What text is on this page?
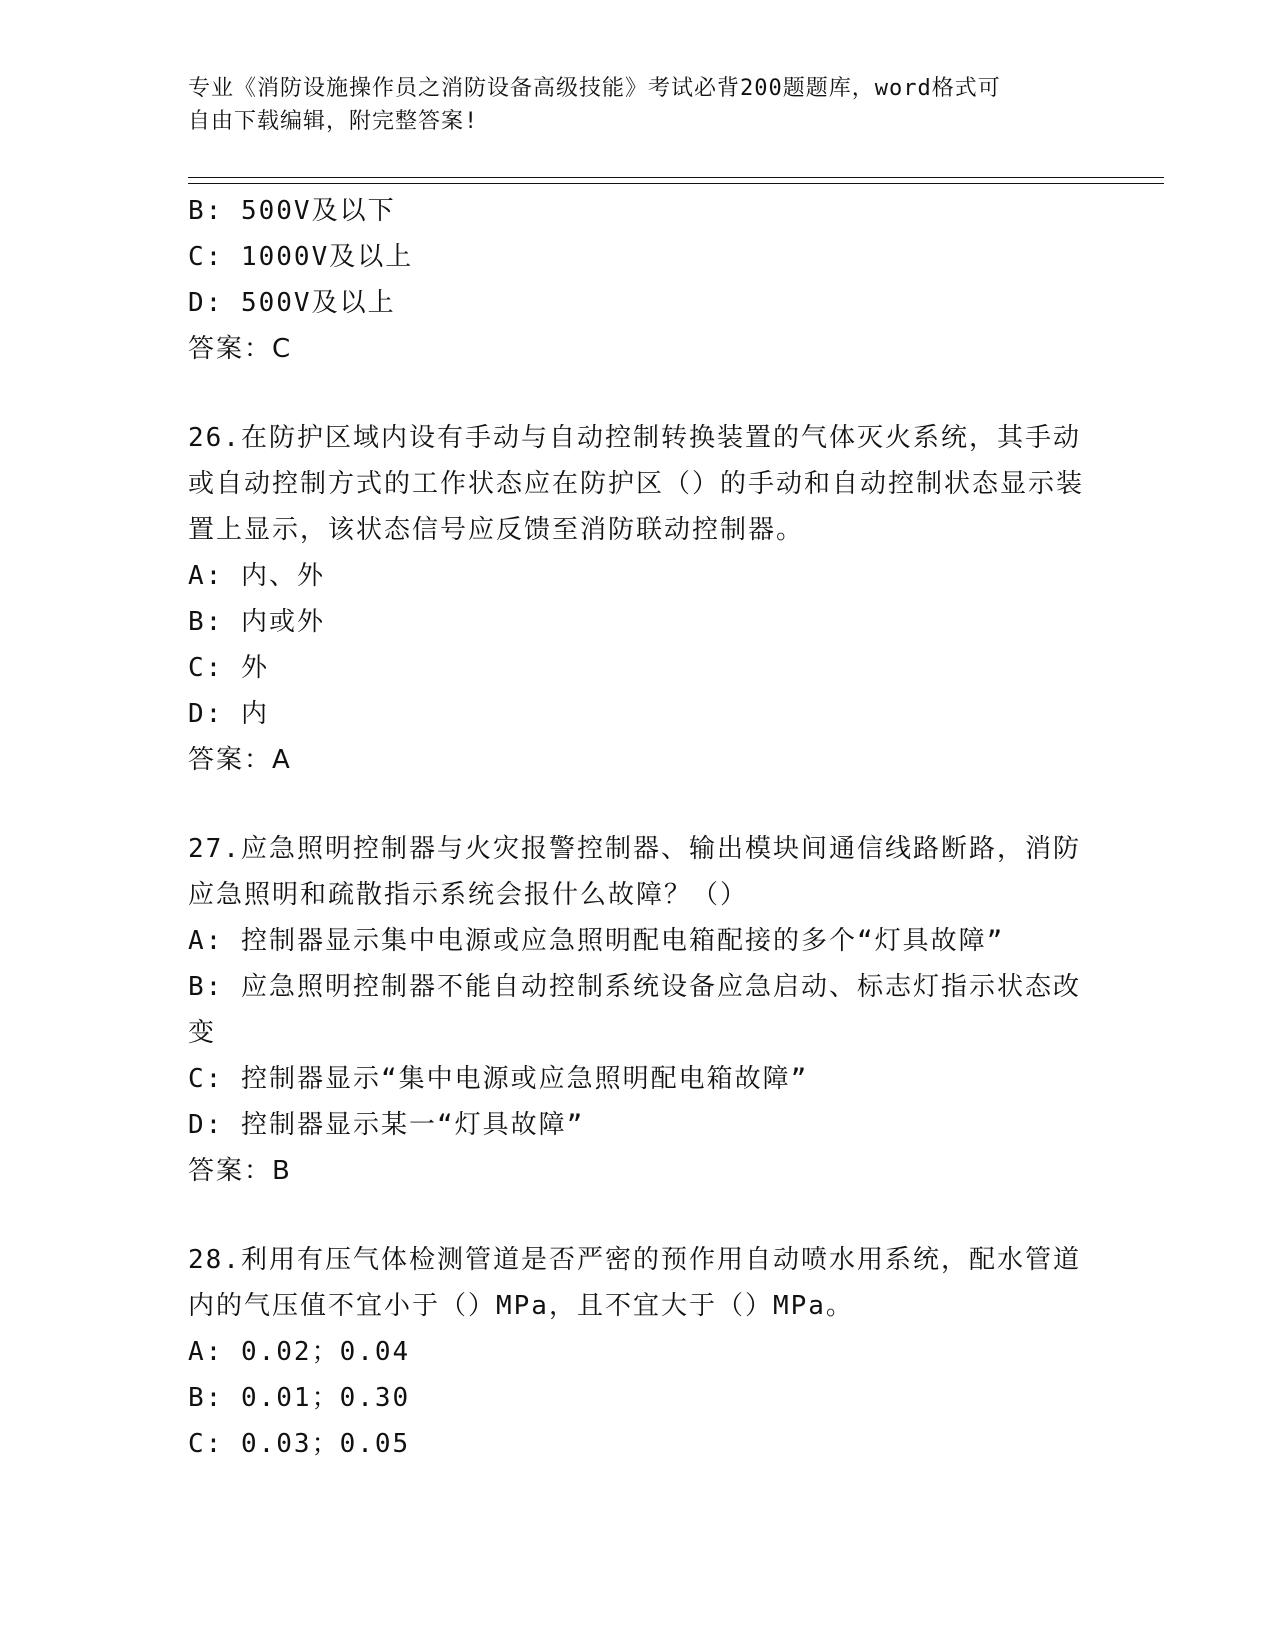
专业《消防设施操作员之消防设备高级技能》考试必背200题题库，word格式可
自由下载编辑，附完整答案!
B: 500V及以下
C: 1000V及以上
D: 500V及以上
答案：C
26.在防护区域内设有手动与自动控制转换装置的气体灭火系统，其手动或自动控制方式的工作状态应在防护区（）的手动和自动控制状态显示装置上显示，该状态信号应反馈至消防联动控制器。
A: 内、外
B: 内或外
C: 外
D: 内
答案：A
27.应急照明控制器与火灾报警控制器、输出模块间通信线路断路，消防应急照明和疏散指示系统会报什么故障？（）
A: 控制器显示集中电源或应急照明配电箱配接的多个“灯具故障”
B: 应急照明控制器不能自动控制系统设备应急启动、标志灯指示状态改变
C: 控制器显示“集中电源或应急照明配电箱故障”
D: 控制器显示某一“灯具故障”
答案：B
28.利用有压气体检测管道是否严密的预作用自动喷水用系统，配水管道内的气压值不宜小于（）MPa，且不宜大于（）MPa。
A: 0.02；0.04
B: 0.01；0.30
C: 0.03；0.05
